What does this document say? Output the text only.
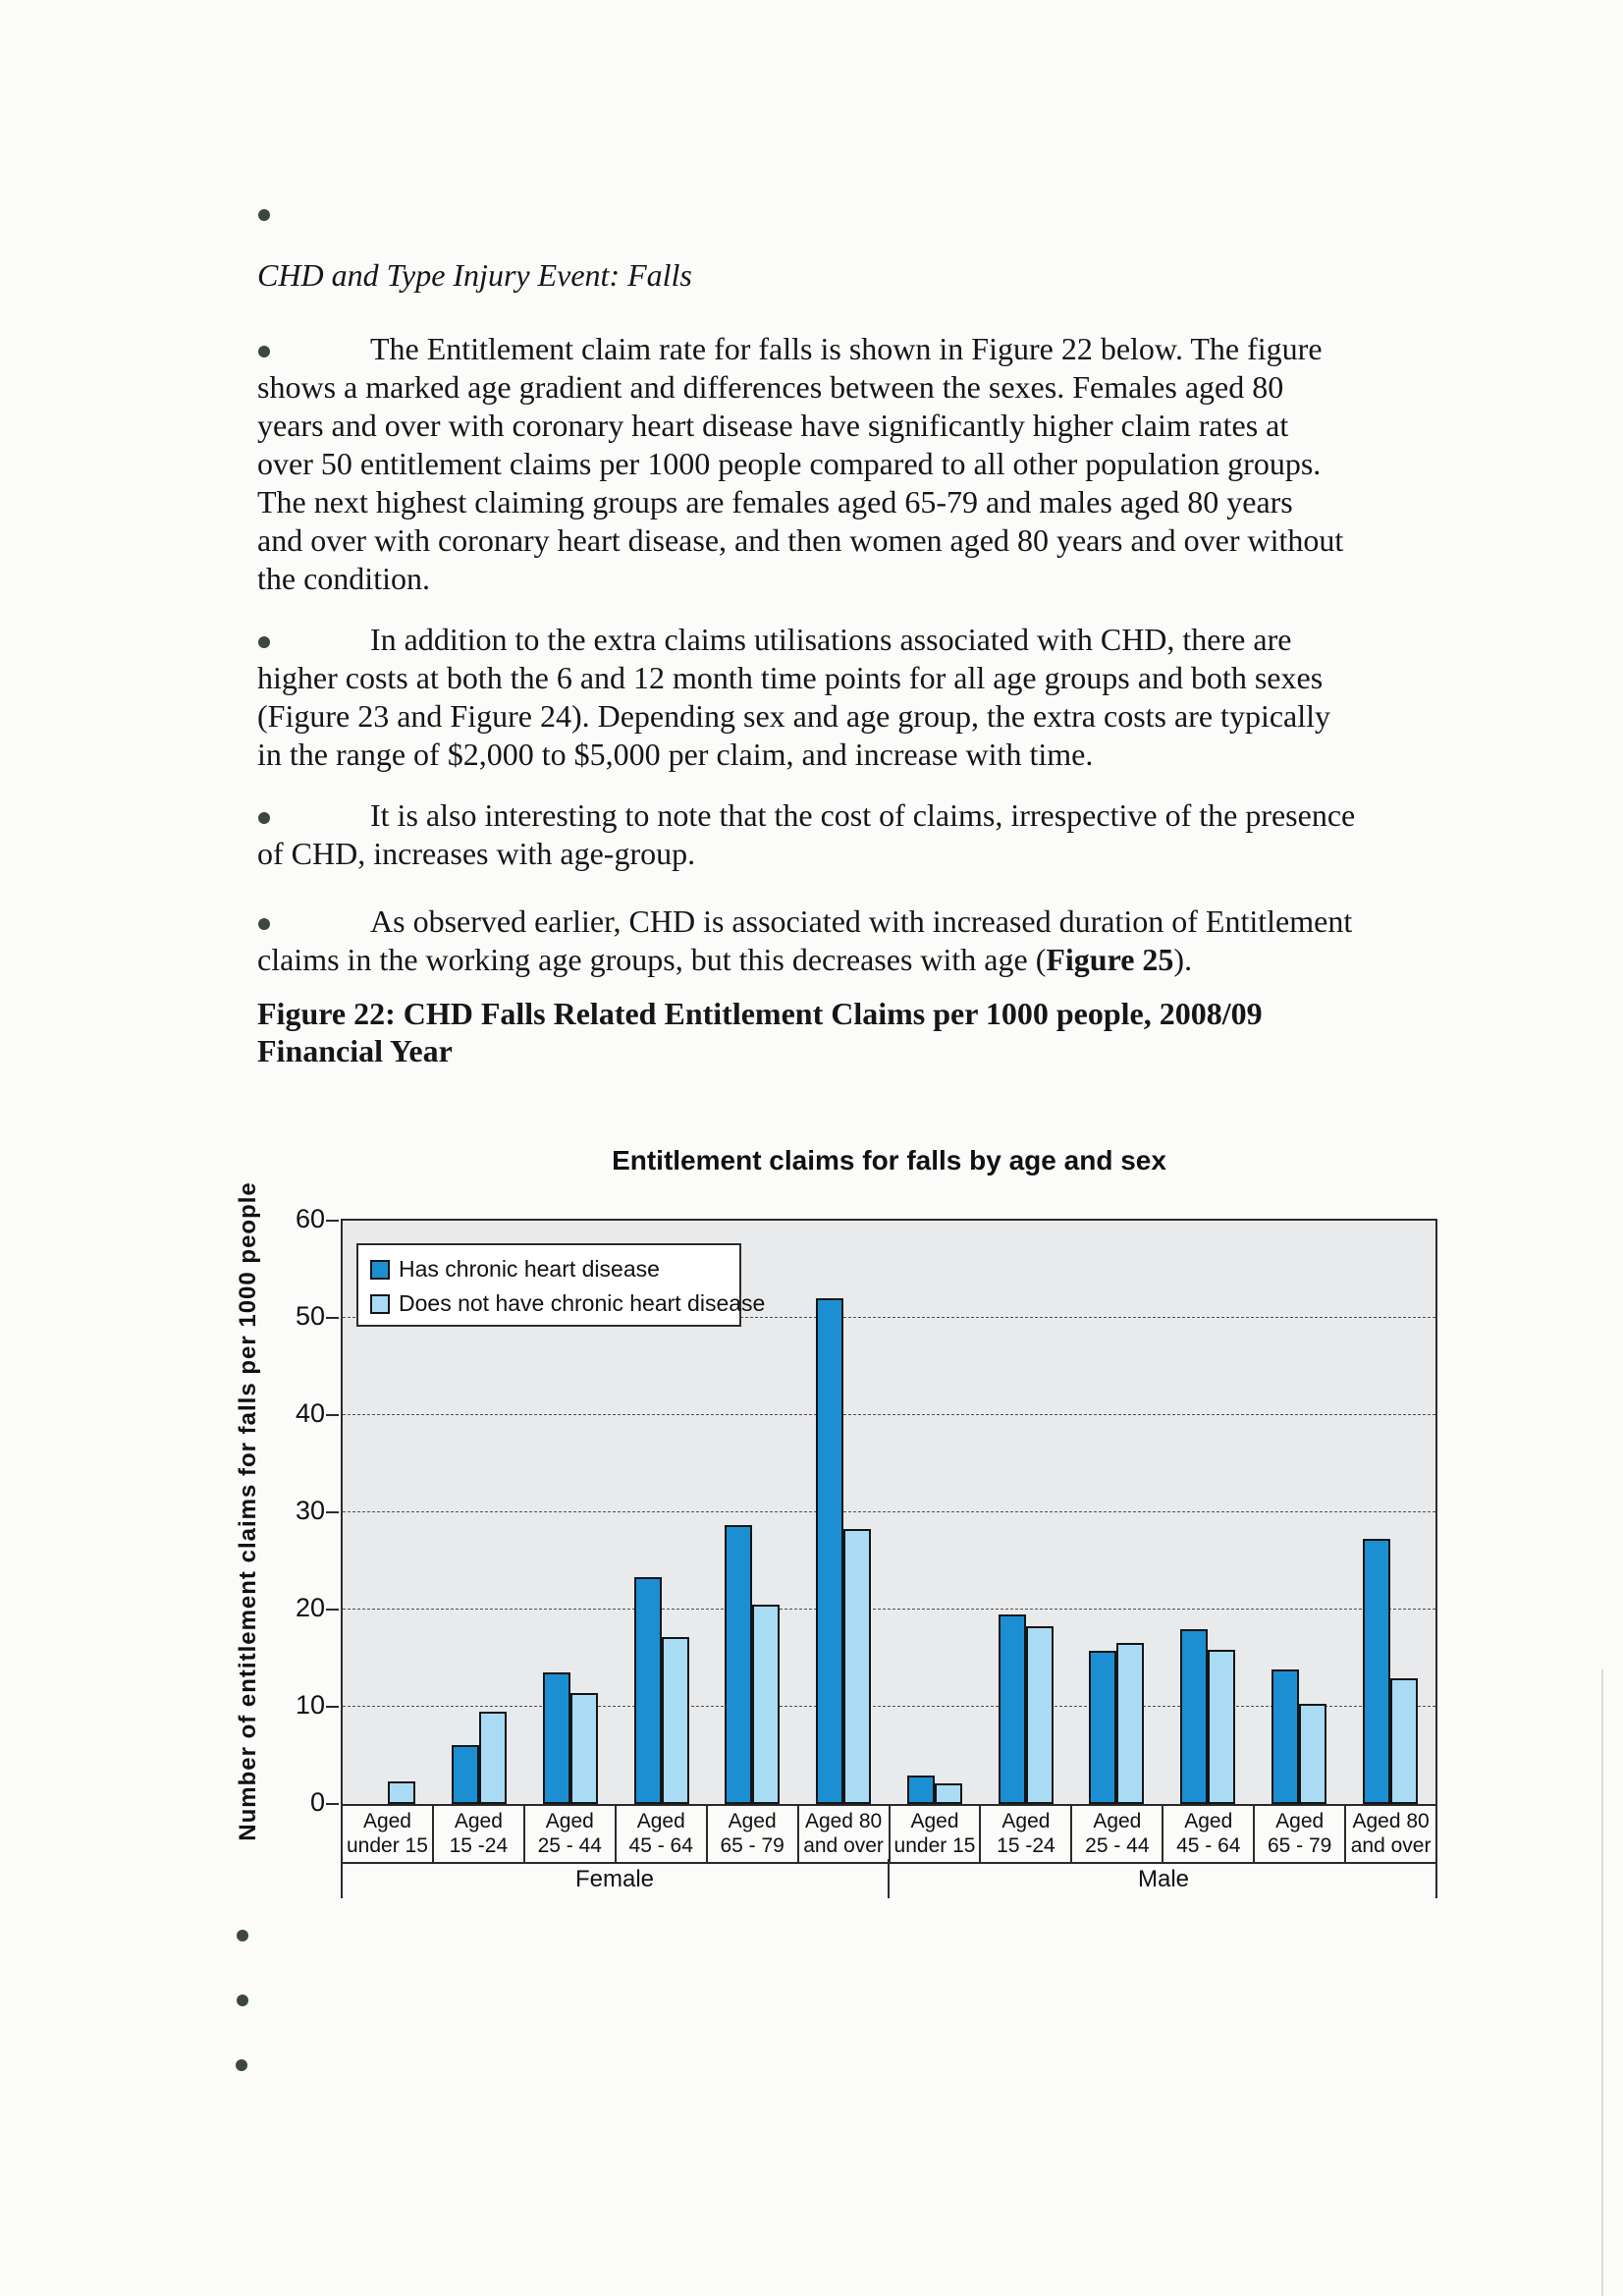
CHD and Type Injury Event: Falls
The Entitlement claim rate for falls is shown in Figure 22 below. The figure
shows a marked age gradient and differences between the sexes. Females aged 80
years and over with coronary heart disease have significantly higher claim rates at
over 50 entitlement claims per 1000 people compared to all other population groups.
The next highest claiming groups are females aged 65-79 and males aged 80 years
and over with coronary heart disease, and then women aged 80 years and over without
the condition.
In addition to the extra claims utilisations associated with CHD, there are
higher costs at both the 6 and 12 month time points for all age groups and both sexes
(Figure 23 and Figure 24). Depending sex and age group, the extra costs are typically
in the range of $2,000 to $5,000 per claim, and increase with time.
It is also interesting to note that the cost of claims, irrespective of the presence
of CHD, increases with age-group.
As observed earlier, CHD is associated with increased duration of Entitlement
claims in the working age groups, but this decreases with age (Figure 25).
Figure 22: CHD Falls Related Entitlement Claims per 1000 people, 2008/09
Financial Year
Entitlement claims for falls by age and sex
Number of entitlement claims for falls per 1000 people	0
10
20
30
40
50
60
Has chronic heart disease
Does not have chronic heart disease
Aged
under 15
Aged
15 -24
Aged
25 - 44
Aged
45 - 64
Aged
65 - 79
Aged 80
and over
Aged
under 15
Aged
15 -24
Aged
25 - 44
Aged
45 - 64
Aged
65 - 79
Aged 80
and over
Female	Male
